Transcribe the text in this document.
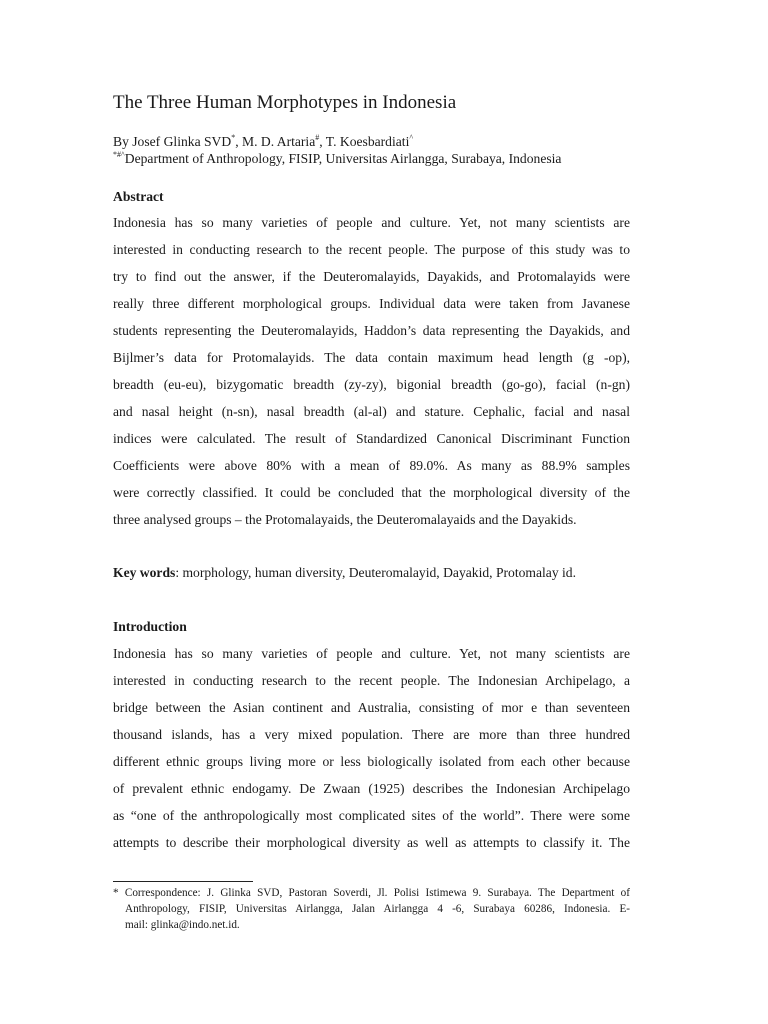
The Three Human Morphotypes in Indonesia
By Josef Glinka SVD*, M. D. Artaria#, T. Koesbardiati^
*#^Department of Anthropology, FISIP, Universitas Airlangga, Surabaya, Indonesia
Abstract
Indonesia has so many varieties of people and culture. Yet, not many scientists are
interested in conducting research to the recent people. The purpose of this study was to
try to find out the answer, if the Deuteromalayids, Dayakids, and Protomalayids were
really three different morphological groups. Individual data were taken from Javanese
students representing the Deuteromalayids, Haddon’s data representing the Dayakids, and
Bijlmer’s data for Protomalayids. The data contain maximum head length (g -op),
breadth (eu-eu), bizygomatic breadth (zy-zy), bigonial breadth (go-go), facial (n-gn)
and nasal height (n-sn), nasal breadth (al-al) and stature. Cephalic, facial and nasal
indices were calculated. The result of Standardized Canonical Discriminant Function
Coefficients were above 80% with a mean of 89.0%. As many as 88.9% samples
were correctly classified. It could be concluded that the morphological diversity of the
three analysed groups – the Protomalayaids, the Deuteromalayaids and the Dayakids.
Key words: morphology, human diversity, Deuteromalayid, Dayakid, Protomalay id.
Introduction
Indonesia has so many varieties of people and culture. Yet, not many scientists are
interested in conducting research to the recent people. The Indonesian Archipelago, a
bridge between the Asian continent and Australia, consisting of mor e than seventeen
thousand islands, has a very mixed population. There are more than three hundred
different ethnic groups living more or less biologically isolated from each other because
of prevalent ethnic endogamy. De Zwaan (1925) describes the Indonesian Archipelago
as “one of the anthropologically most complicated sites of the world”. There were some
attempts to describe their morphological diversity as well as attempts to classify it. The
* Correspondence: J. Glinka SVD, Pastoran Soverdi, Jl. Polisi Istimewa 9. Surabaya. The Department of
Anthropology, FISIP, Universitas Airlangga, Jalan Airlangga 4 -6, Surabaya 60286, Indonesia. E-
mail: glinka@indo.net.id.
